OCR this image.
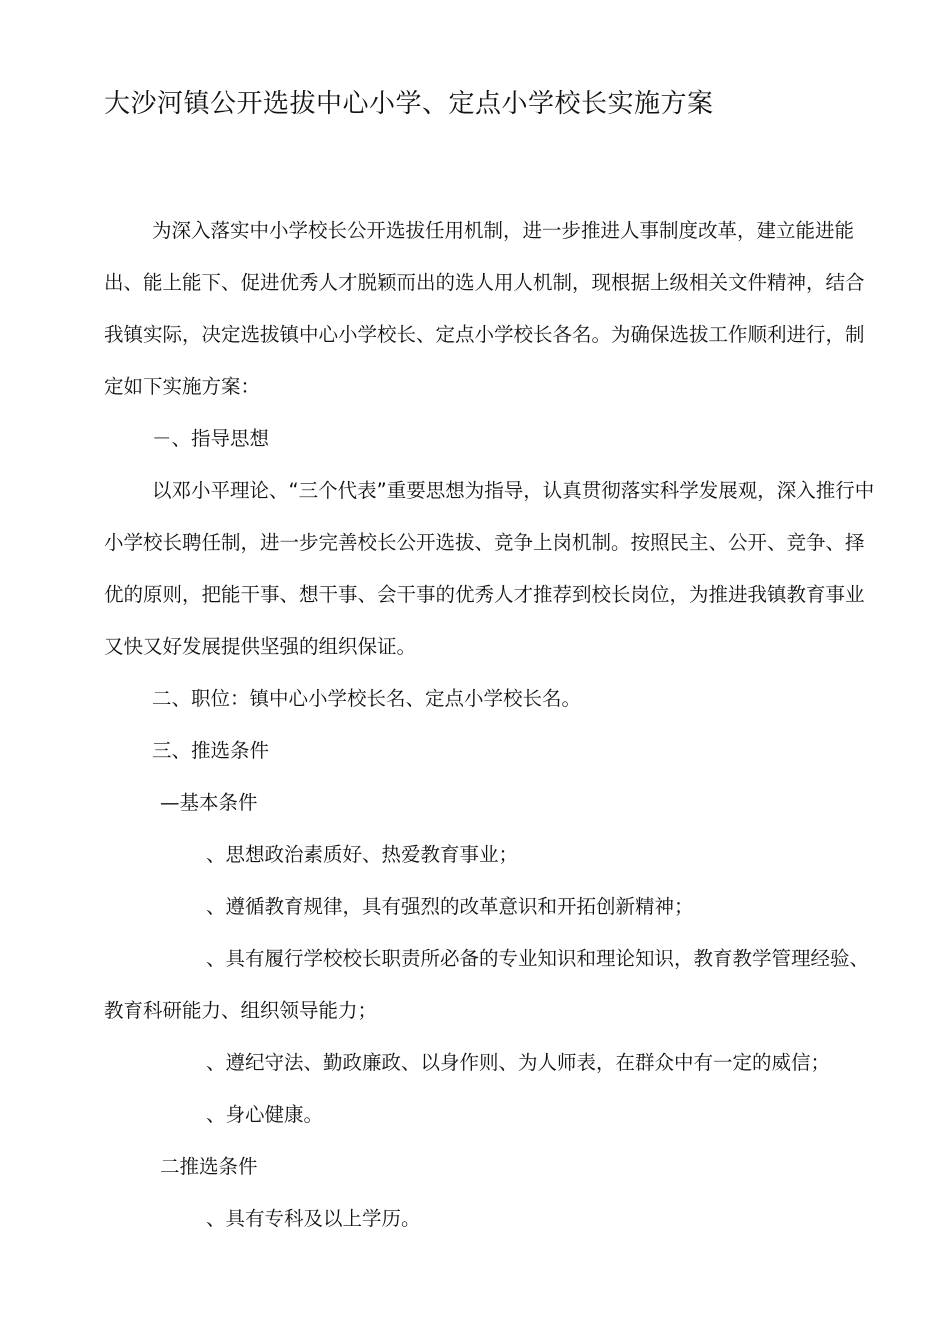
大沙河镇公开选拔中心小学、定点小学校长实施方案

为深入落实中小学校长公开选拔任用机制，进一步推进人事制度改革，建立能进能出、能上能下、促进优秀人才脱颖而出的选人用人机制，现根据上级相关文件精神，结合我镇实际，决定选拔镇中心小学校长、定点小学校长各名。为确保选拔工作顺利进行，制定如下实施方案：

－、指导思想

以邓小平理论、“三个代表”重要思想为指导，认真贯彻落实科学发展观，深入推行中小学校长聘任制，进一步完善校长公开选拔、竞争上岗机制。按照民主、公开、竞争、择优的原则，把能干事、想干事、会干事的优秀人才推荐到校长岗位，为推进我镇教育事业又快又好发展提供坚强的组织保证。

二、职位：镇中心小学校长名、定点小学校长名。

三、推选条件

—基本条件

、思想政治素质好、热爱教育事业；

、遵循教育规律，具有强烈的改革意识和开拓创新精神；

、具有履行学校校长职责所必备的专业知识和理论知识，教育教学管理经验、教育科研能力、组织领导能力；

、遵纪守法、勤政廉政、以身作则、为人师表，在群众中有一定的威信；

、身心健康。

二推选条件

、具有专科及以上学历。
